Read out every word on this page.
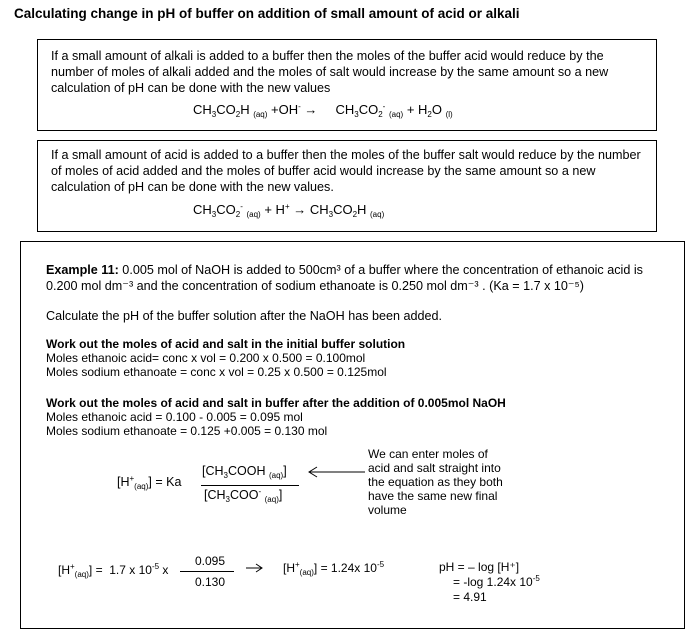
Calculating change in pH of buffer on addition of small amount of acid or alkali
If a small amount of alkali is added to a buffer then the moles of the buffer acid would reduce by the number of moles of alkali added and the moles of salt would increase by the same amount so a new calculation of pH can be done with the new values
$CH_3CO_2H$ $_{(aq)}$ +OH- →     $CH_3CO_2^-$ $_{(aq)} + H_2O$ $_{(l)}$
If a small amount of acid is added to a buffer then the moles of the buffer salt would reduce by the number of moles of acid added and the moles of buffer acid would increase by the same amount so a new calculation of pH can be done with the new values.
$CH_3CO_2^-$ $_{(aq)} + H^+ \to CH_3CO_2H$ $_{(aq)}$
Example 11: 0.005 mol of NaOH is added to 500cm³ of a buffer where the concentration of ethanoic acid is 0.200 mol dm⁻³ and the concentration of sodium ethanoate is 0.250 mol dm⁻³ . (Ka = 1.7 x 10⁻⁵)
Calculate the pH of the buffer solution after the NaOH has been added.
Work out the moles of acid and salt in the initial buffer solution
Moles ethanoic acid= conc x vol = 0.200 x 0.500 = 0.100mol
Moles sodium ethanoate = conc x vol = 0.25 x 0.500 = 0.125mol
Work out the moles of acid and salt in buffer after the addition of 0.005mol NaOH
Moles ethanoic acid = 0.100 - 0.005 = 0.095 mol
Moles sodium ethanoate = 0.125 +0.005 = 0.130 mol
$[H^+_{(aq)}] = Ka$
[$CH_3COOH$ $_{(aq)}$]
[$CH_3COO^-$ $_{(aq)}$]
We can enter moles of acid and salt straight into the equation as they both have the same new final volume
$[H^+_{(aq)}] = 1.7$ x $10^{-5}$ x
0.095
0.130
$[H^+_{(aq)}] = 1.24x$ $10^{-5}$	pH = – log [H⁺]
= -log 1.24x $10^{-5}$
= 4.91
